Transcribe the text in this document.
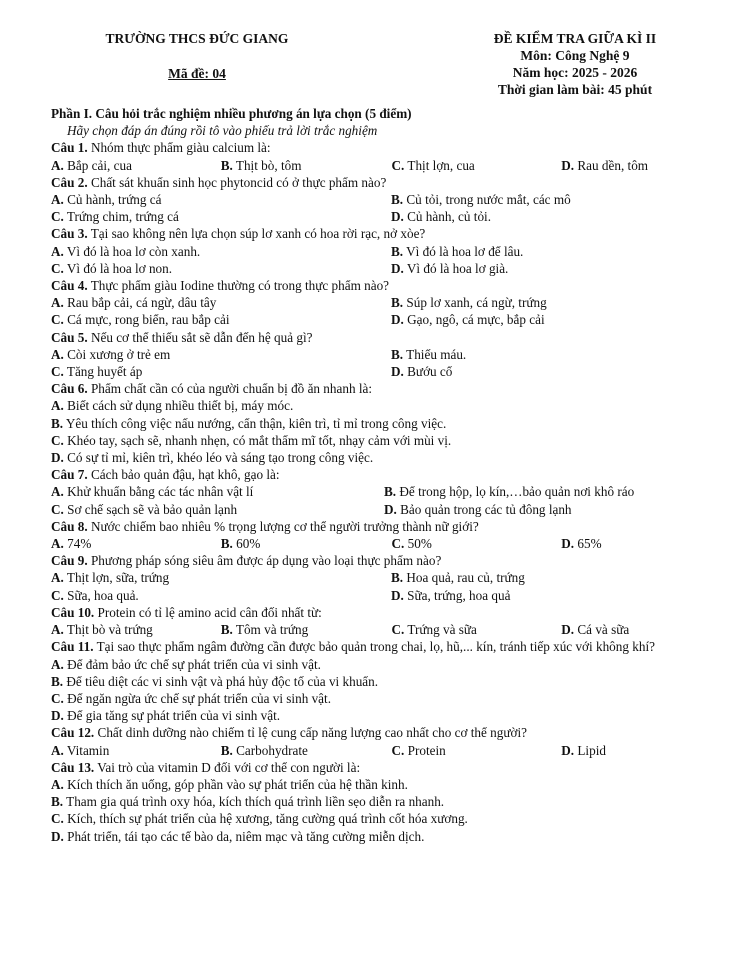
TRƯỜNG THCS ĐỨC GIANG
Mã đề: 04
ĐỀ KIỂM TRA GIỮA KÌ II
Môn: Công Nghệ 9
Năm học: 2025 - 2026
Thời gian làm bài: 45 phút
Phần I. Câu hỏi trắc nghiệm nhiều phương án lựa chọn (5 điểm)
Hãy chọn đáp án đúng rồi tô vào phiếu trả lời trắc nghiệm
Câu 1. Nhóm thực phẩm giàu calcium là:
A. Bắp cải, cua	B. Thịt bò, tôm	C. Thịt lợn, cua	D. Rau dền, tôm
Câu 2. Chất sát khuẩn sinh học phytoncid có ở thực phẩm nào?
A. Củ hành, trứng cá	B. Củ tỏi, trong nước mắt, các mô
C. Trứng chim, trứng cá	D. Củ hành, củ tỏi.
Câu 3. Tại sao không nên lựa chọn súp lơ xanh có hoa rời rạc, nở xòe?
A. Vì đó là hoa lơ còn xanh.	B. Vì đó là hoa lơ để lâu.
C. Vì đó là hoa lơ non.	D. Vì đó là hoa lơ già.
Câu 4. Thực phẩm giàu Iodine thường có trong thực phẩm nào?
A. Rau bắp cải, cá ngừ, dâu tây	B. Súp lơ xanh, cá ngừ, trứng
C. Cá mực, rong biển, rau bắp cải	D. Gạo, ngô, cá mực, bắp cải
Câu 5. Nếu cơ thể thiếu sắt sẽ dẫn đến hệ quả gì?
A. Còi xương ở trẻ em	B. Thiếu máu.
C. Tăng huyết áp	D. Bướu cổ
Câu 6. Phẩm chất cần có của người chuẩn bị đồ ăn nhanh là:
A. Biết cách sử dụng nhiều thiết bị, máy móc.
B. Yêu thích công việc nấu nướng, cẩn thận, kiên trì, tỉ mỉ trong công việc.
C. Khéo tay, sạch sẽ, nhanh nhẹn, có mắt thẩm mĩ tốt, nhạy cảm với mùi vị.
D. Có sự tỉ mỉ, kiên trì, khéo léo và sáng tạo trong công việc.
Câu 7. Cách bảo quản đậu, hạt khô, gạo là:
A. Khử khuẩn bằng các tác nhân vật lí	B. Để trong hộp, lọ kín,…bảo quản nơi khô ráo
C. Sơ chế sạch sẽ và bảo quản lạnh	D. Bảo quản trong các tủ đông lạnh
Câu 8. Nước chiếm bao nhiêu % trọng lượng cơ thể người trưởng thành nữ giới?
A. 74%	B. 60%	C. 50%	D. 65%
Câu 9. Phương pháp sóng siêu âm được áp dụng vào loại thực phẩm nào?
A. Thịt lợn, sữa, trứng	B. Hoa quả, rau củ, trứng
C. Sữa, hoa quả.	D. Sữa, trứng, hoa quả
Câu 10. Protein có tỉ lệ amino acid cân đối nhất từ:
A. Thịt bò và trứng	B. Tôm và trứng	C. Trứng và sữa	D. Cá và sữa
Câu 11. Tại sao thực phẩm ngâm đường cần được bảo quản trong chai, lọ, hũ,... kín, tránh tiếp xúc với không khí?
A. Để đảm bảo ức chế sự phát triển của vi sinh vật.
B. Để tiêu diệt các vi sinh vật và phá hủy độc tố của vi khuẩn.
C. Để ngăn ngừa ức chế sự phát triển của vi sinh vật.
D. Để gia tăng sự phát triển của vi sinh vật.
Câu 12. Chất dinh dưỡng nào chiếm tỉ lệ cung cấp năng lượng cao nhất cho cơ thể người?
A. Vitamin	B. Carbohydrate	C. Protein	D. Lipid
Câu 13. Vai trò của vitamin D đối với cơ thể con người là:
A. Kích thích ăn uống, góp phần vào sự phát triển của hệ thần kinh.
B. Tham gia quá trình oxy hóa, kích thích quá trình liền sẹo diễn ra nhanh.
C. Kích, thích sự phát triển của hệ xương, tăng cường quá trình cốt hóa xương.
D. Phát triển, tái tạo các tế bào da, niêm mạc và tăng cường miễn dịch.
